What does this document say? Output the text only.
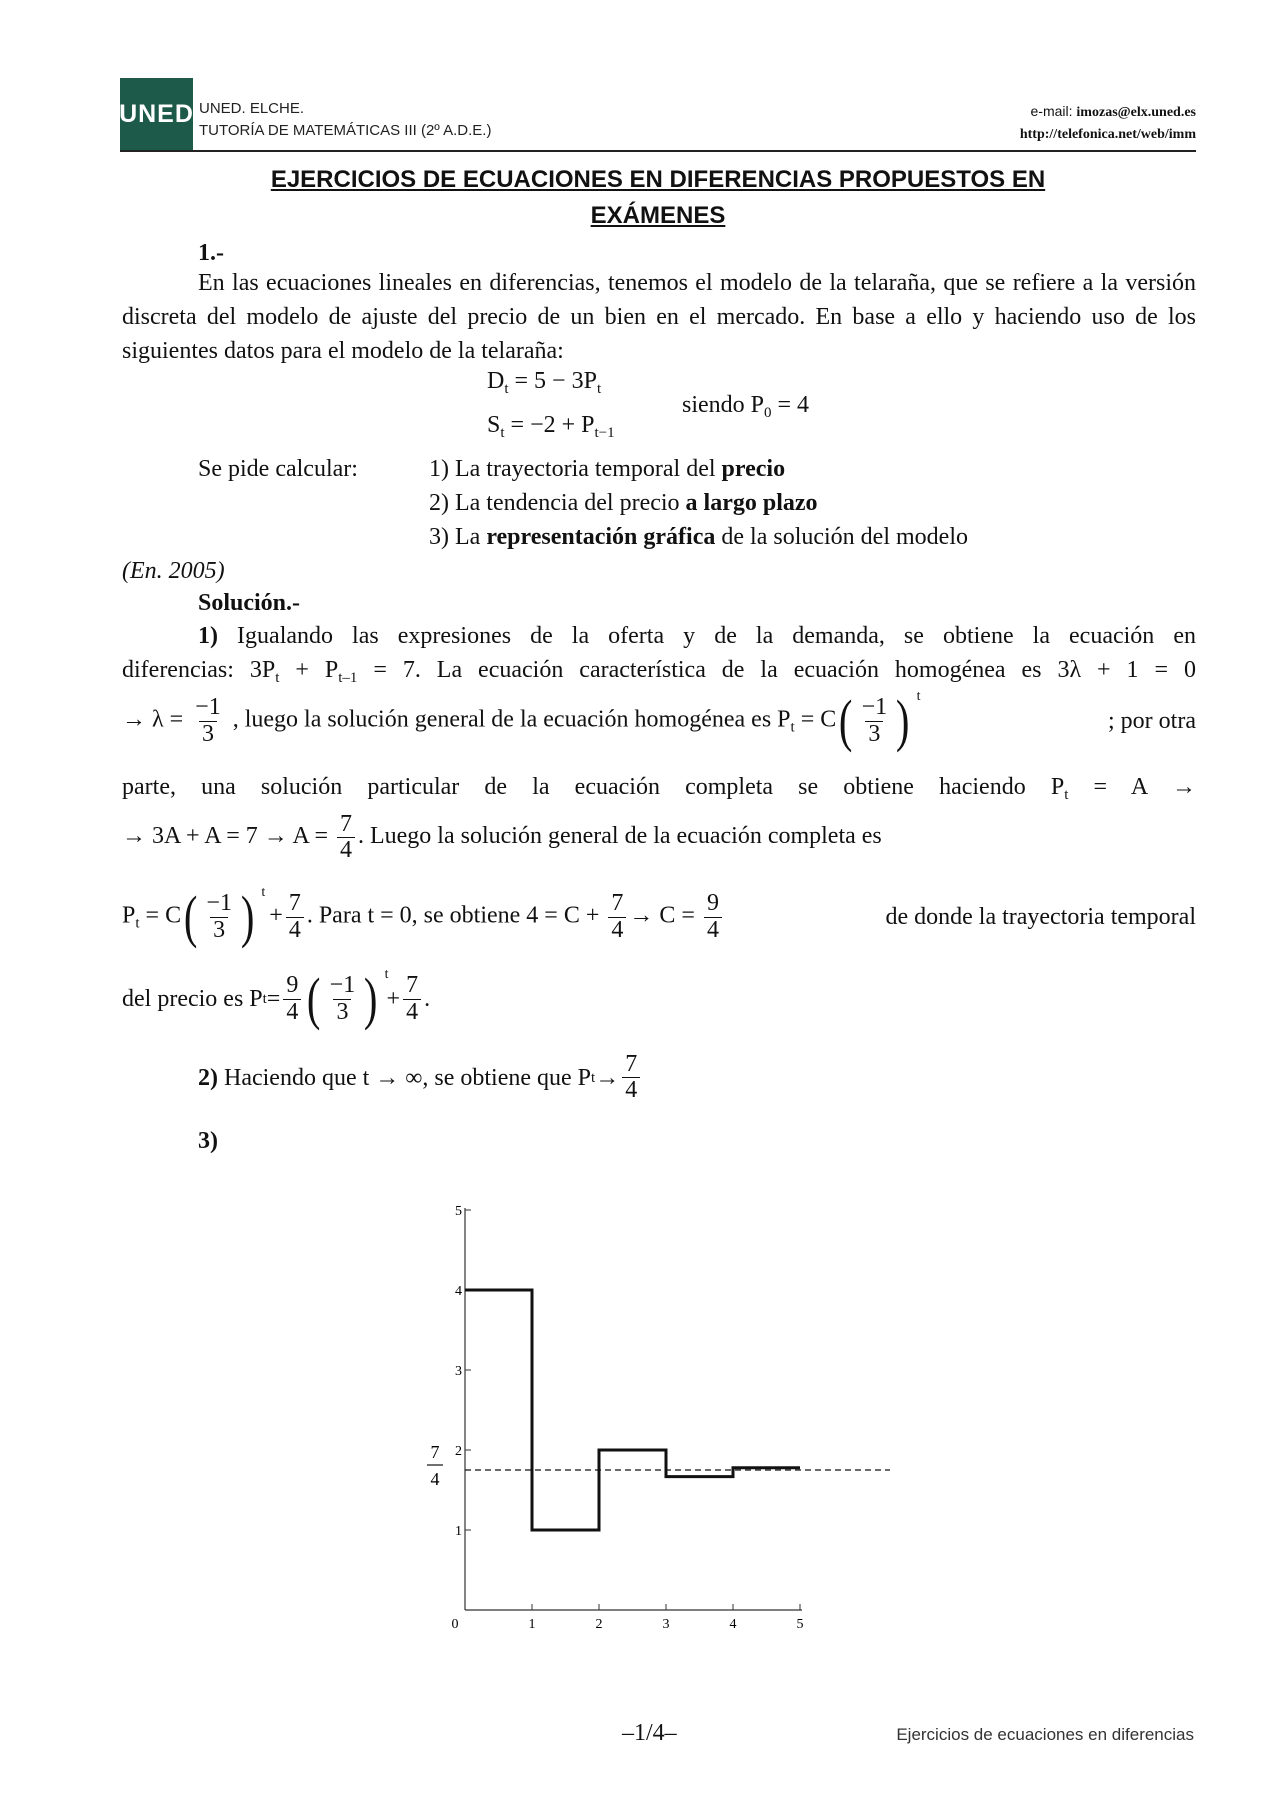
UNED UNED. ELCHE.
TUTORÍA DE MATEMÁTICAS III (2º A.D.E.)
e-mail: imozas@elx.uned.es
http://telefonica.net/web/imm
EJERCICIOS DE ECUACIONES EN DIFERENCIAS PROPUESTOS EN
EXÁMENES
1.-
En las ecuaciones lineales en diferencias, tenemos el modelo de la telaraña, que se refiere a la versión discreta del modelo de ajuste del precio de un bien en el mercado. En base a ello y haciendo uso de los siguientes datos para el modelo de la telaraña:
$D_t = 5 - 3P_t$
$S_t = -2 + P_{t-1}$
siendo $P_0 = 4$
Se pide calcular:	1) La trayectoria temporal del precio
2) La tendencia del precio a largo plazo
3) La representación gráfica de la solución del modelo
(En. 2005)
Solución.-
1) Igualando las expresiones de la oferta y de la demanda, se obtiene la ecuación en
diferencias: $3P_t + P_{t-1} = 7$. La ecuación característica de la ecuación homogénea es 3λ + 1 = 0
→ $\lambda = \frac{-1}{3}$ , luego la solución general de la ecuación homogénea es $P_t = C$ ( $\frac{-1}{3}$ ) t
; por otra
parte, una solución particular de la ecuación completa se obtiene haciendo $P_t = A$ →
→ $3A + A = 7 \to A = \frac{7}{4}$ . Luego la solución general de la ecuación completa es
$P_t = C$ ( $\frac{-1}{3}$ ) t
+ $\frac{7}{4}$ . Para t = 0, se obtiene $4 = C + \frac{7}{4} \to C = \frac{9}{4}$	de donde la trayectoria temporal
del precio es P $t = \frac{9}{4}$ ( $\frac{-1}{3}$ ) t

+ $\frac{7}{4}$ .
2)
Haciendo que t → ∞, se obtiene que P $t \to \frac{7}{4}$
3)
0	1	2	3	4	5
1
2
3
4
5
7
4
–1/4–	Ejercicios de ecuaciones en diferencias
